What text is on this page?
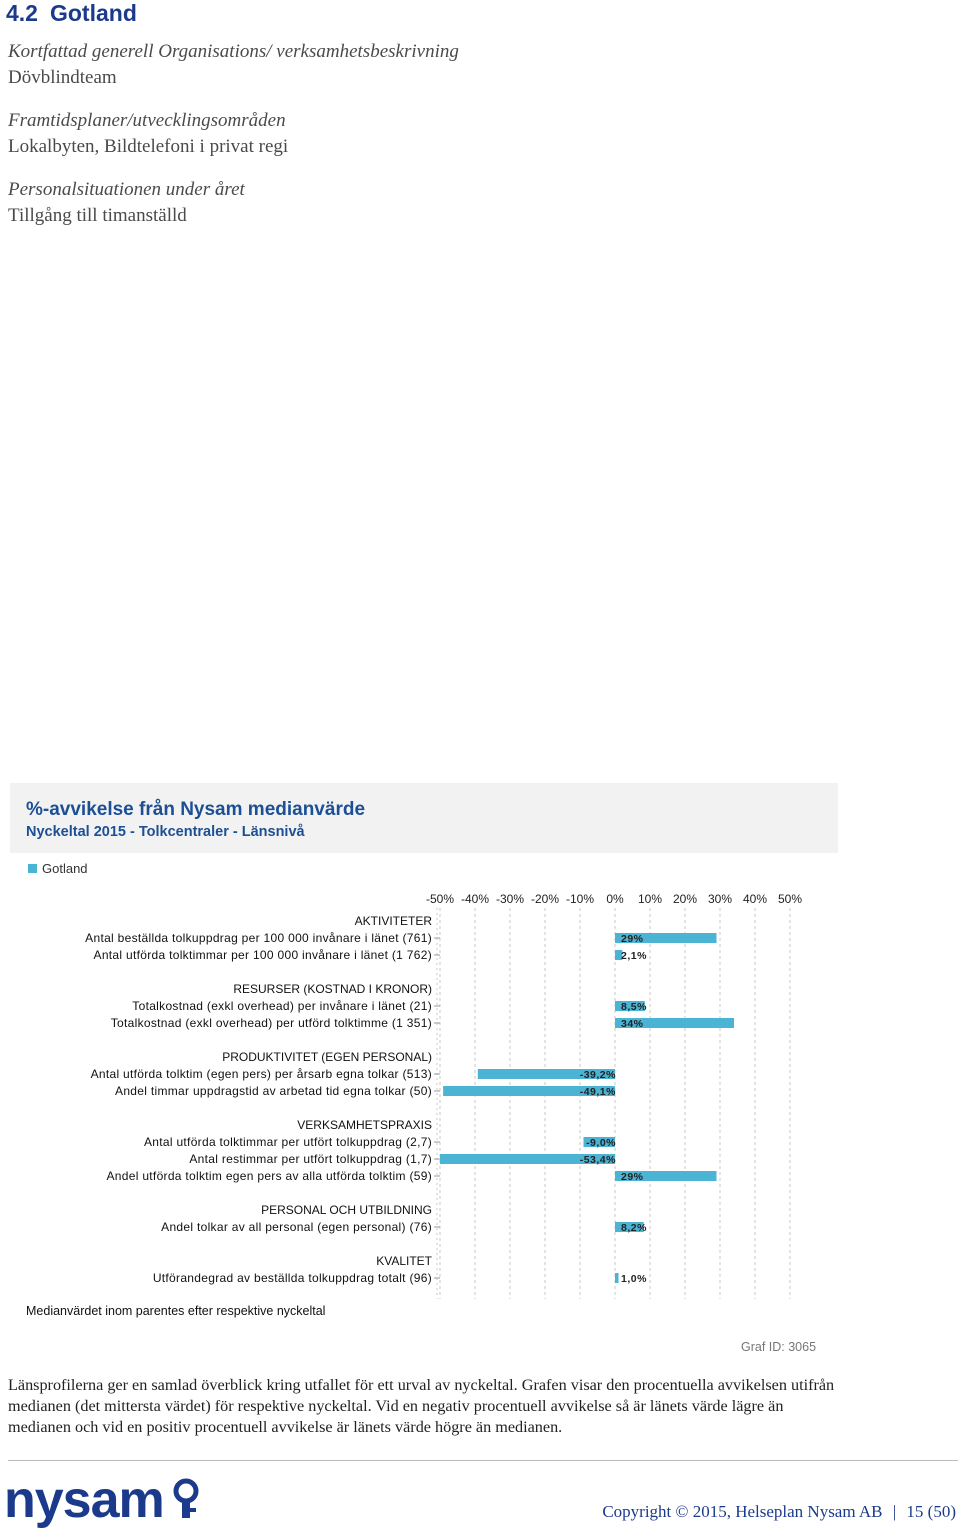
4.2 Gotland
Kortfattad generell Organisations/ verksamhetsbeskrivning
Dövblindteam
Framtidsplaner/utvecklingsområden
Lokalbyten, Bildtelefoni i privat regi
Personalsituationen under året
Tillgång till timanställd
%-avvikelse från Nysam medianvärde
Nyckeltal 2015 - Tolkcentraler - Länsnivå
Gotland
-50% -40% -30% -20% -10% 0% 10% 20% 30% 40% 50%
AKTIVITETER
Antal beställda tolkuppdrag per 100 000 invånare i länet (761)	29%
Antal utförda tolktimmar per 100 000 invånare i länet (1 762)	2,1%
RESURSER (KOSTNAD I KRONOR)
Totalkostnad (exkl overhead) per invånare i länet (21)	8,5%
Totalkostnad (exkl overhead) per utförd tolktimme (1 351)	34%
PRODUKTIVITET (EGEN PERSONAL)
Antal utförda tolktim (egen pers) per årsarb egna tolkar (513)	-39,2%
Andel timmar uppdragstid av arbetad tid egna tolkar (50)	-49,1%
VERKSAMHETSPRAXIS
Antal utförda tolktimmar per utfört tolkuppdrag (2,7)	-9,0%
Antal restimmar per utfört tolkuppdrag (1,7)	-53,4%
Andel utförda tolktim egen pers av alla utförda tolktim (59)	29%
PERSONAL OCH UTBILDNING
Andel tolkar av all personal (egen personal) (76)	8,2%
KVALITET
Utförandegrad av beställda tolkuppdrag totalt (96)	1,0%
Medianvärdet inom parentes efter respektive nyckeltal
Graf ID: 3065

Länsprofilerna ger en samlad överblick kring utfallet för ett urval av nyckeltal. Grafen visar den procentuella avvikelsen utifrån medianen (det mittersta värdet) för respektive nyckeltal. Vid en negativ procentuell avvikelse så är länets värde lägre än medianen och vid en positiv procentuell avvikelse är länets värde högre än medianen.

nysam	Copyright © 2015, Helseplan Nysam AB | 15 (50)
